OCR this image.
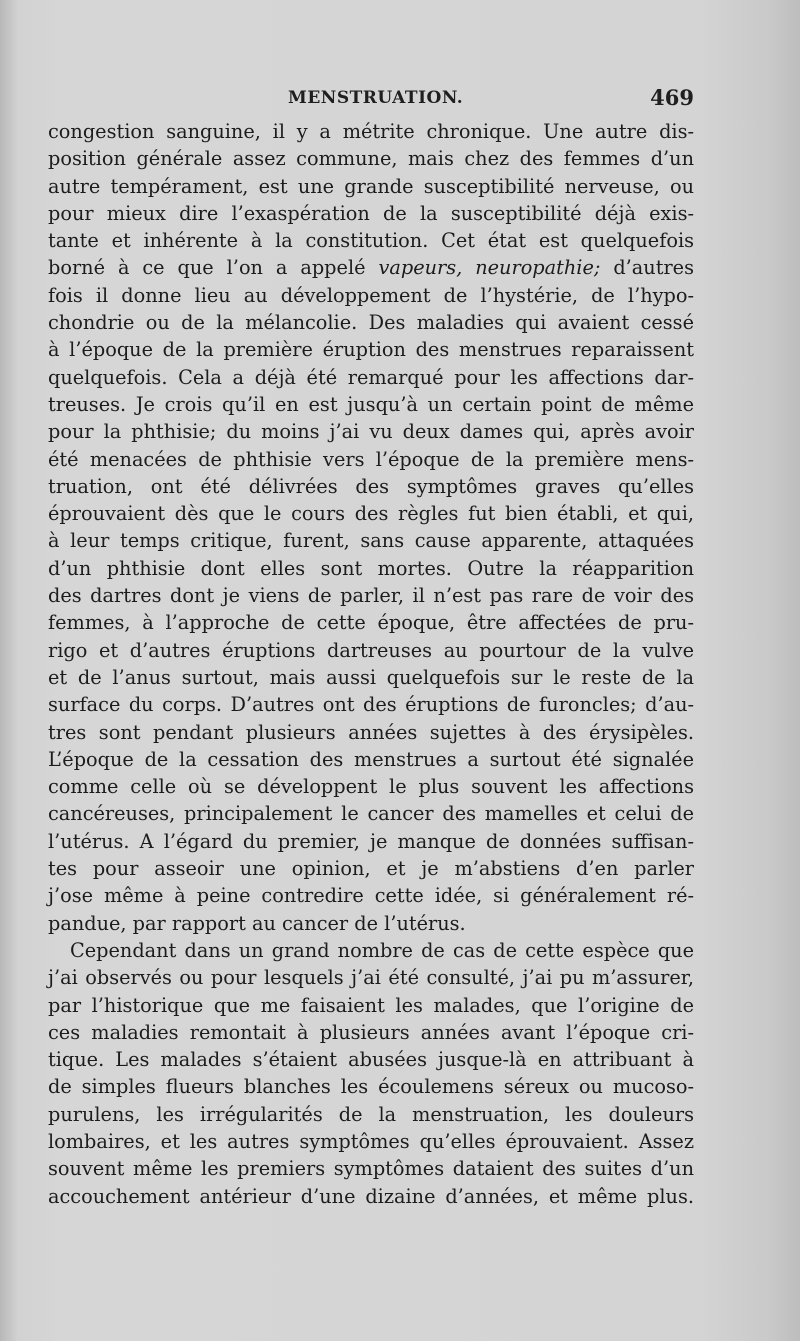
MENSTRUATION.	469
congestion sanguine, il y a métrite chronique. Une autre dis-
position générale assez commune, mais chez des femmes d’un
autre tempérament, est une grande susceptibilité nerveuse, ou
pour mieux dire l’exaspération de la susceptibilité déjà exis-
tante et inhérente à la constitution. Cet état est quelquefois
borné à ce que l’on a appelé vapeurs, neuropathie; d’autres
fois il donne lieu au développement de l’hystérie, de l’hypo-
chondrie ou de la mélancolie. Des maladies qui avaient cessé
à l’époque de la première éruption des menstrues reparaissent
quelquefois. Cela a déjà été remarqué pour les affections dar-
treuses. Je crois qu’il en est jusqu’à un certain point de même
pour la phthisie; du moins j’ai vu deux dames qui, après avoir
été menacées de phthisie vers l’époque de la première mens-
truation, ont été délivrées des symptômes graves qu’elles
éprouvaient dès que le cours des règles fut bien établi, et qui,
à leur temps critique, furent, sans cause apparente, attaquées
d’un phthisie dont elles sont mortes. Outre la réapparition
des dartres dont je viens de parler, il n’est pas rare de voir des
femmes, à l’approche de cette époque, être affectées de pru-
rigo et d’autres éruptions dartreuses au pourtour de la vulve
et de l’anus surtout, mais aussi quelquefois sur le reste de la
surface du corps. D’autres ont des éruptions de furoncles; d’au-
tres sont pendant plusieurs années sujettes à des érysipèles.
L’époque de la cessation des menstrues a surtout été signalée
comme celle où se développent le plus souvent les affections
cancéreuses, principalement le cancer des mamelles et celui de
l’utérus. A l’égard du premier, je manque de données suffisan-
tes pour asseoir une opinion, et je m’abstiens d’en parler
j’ose même à peine contredire cette idée, si généralement ré-
pandue, par rapport au cancer de l’utérus.
Cependant dans un grand nombre de cas de cette espèce que
j’ai observés ou pour lesquels j’ai été consulté, j’ai pu m’assurer,
par l’historique que me faisaient les malades, que l’origine de
ces maladies remontait à plusieurs années avant l’époque cri-
tique. Les malades s’étaient abusées jusque-là en attribuant à
de simples flueurs blanches les écoulemens séreux ou mucoso-
purulens, les irrégularités de la menstruation, les douleurs
lombaires, et les autres symptômes qu’elles éprouvaient. Assez
souvent même les premiers symptômes dataient des suites d’un
accouchement antérieur d’une dizaine d’années, et même plus.
